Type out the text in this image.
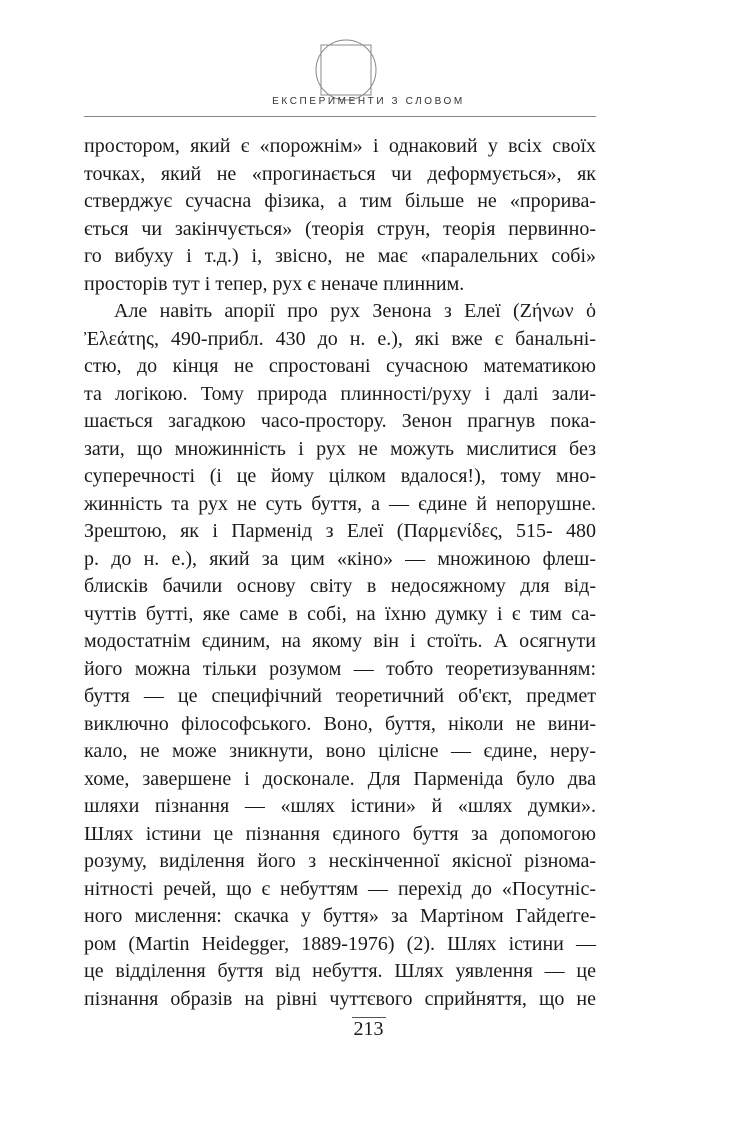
ЕКСПЕРИМЕНТИ З СЛОВОМ
простором, який є «порожнім» і однаковий у всіх своїх
точках, який не «прогинається чи деформується», як
стверджує сучасна фізика, а тим більше не «прорива-
ється чи закінчується» (теорія струн, теорія первинно-
го вибуху і т.д.) і, звісно, не має «паралельних собі»
просторів тут і тепер, рух є неначе плинним.
Але навіть апорії про рух Зенона з Елеї (Ζήνων ὁ
Ἐλεάτης, 490-прибл. 430 до н. е.), які вже є банальні-
стю, до кінця не спростовані сучасною математикою
та логікою. Тому природа плинності/руху і далі зали-
шається загадкою часо-простору. Зенон прагнув пока-
зати, що множинність і рух не можуть мислитися без
суперечності (і це йому цілком вдалося!), тому мно-
жинність та рух не суть буття, а — єдине й непорушне.
Зрештою, як і Парменід з Елеї (Παρμενίδες, 515- 480
р. до н. е.), який за цим «кіно» — множиною флеш-
блисків бачили основу світу в недосяжному для від-
чуттів бутті, яке саме в собі, на їхню думку і є тим са-
модостатнім єдиним, на якому він і стоїть. А осягнути
його можна тільки розумом — тобто теоретизуванням:
буття — це специфічний теоретичний об'єкт, предмет
виключно філософського. Воно, буття, ніколи не вини-
кало, не може зникнути, воно цілісне — єдине, неру-
хоме, завершене і досконале. Для Парменіда було два
шляхи пізнання — «шлях істини» й «шлях думки».
Шлях істини це пізнання єдиного буття за допомогою
розуму, виділення його з нескінченної якісної різнома-
нітності речей, що є небуттям — перехід до «Посутніс-
ного мислення: скачка у буття» за Мартіном Гайдеґге-
ром (Martin Heidegger, 1889-1976) (2). Шлях істини —
це відділення буття від небуття. Шлях уявлення — це
пізнання образів на рівні чуттєвого сприйняття, що не
213
